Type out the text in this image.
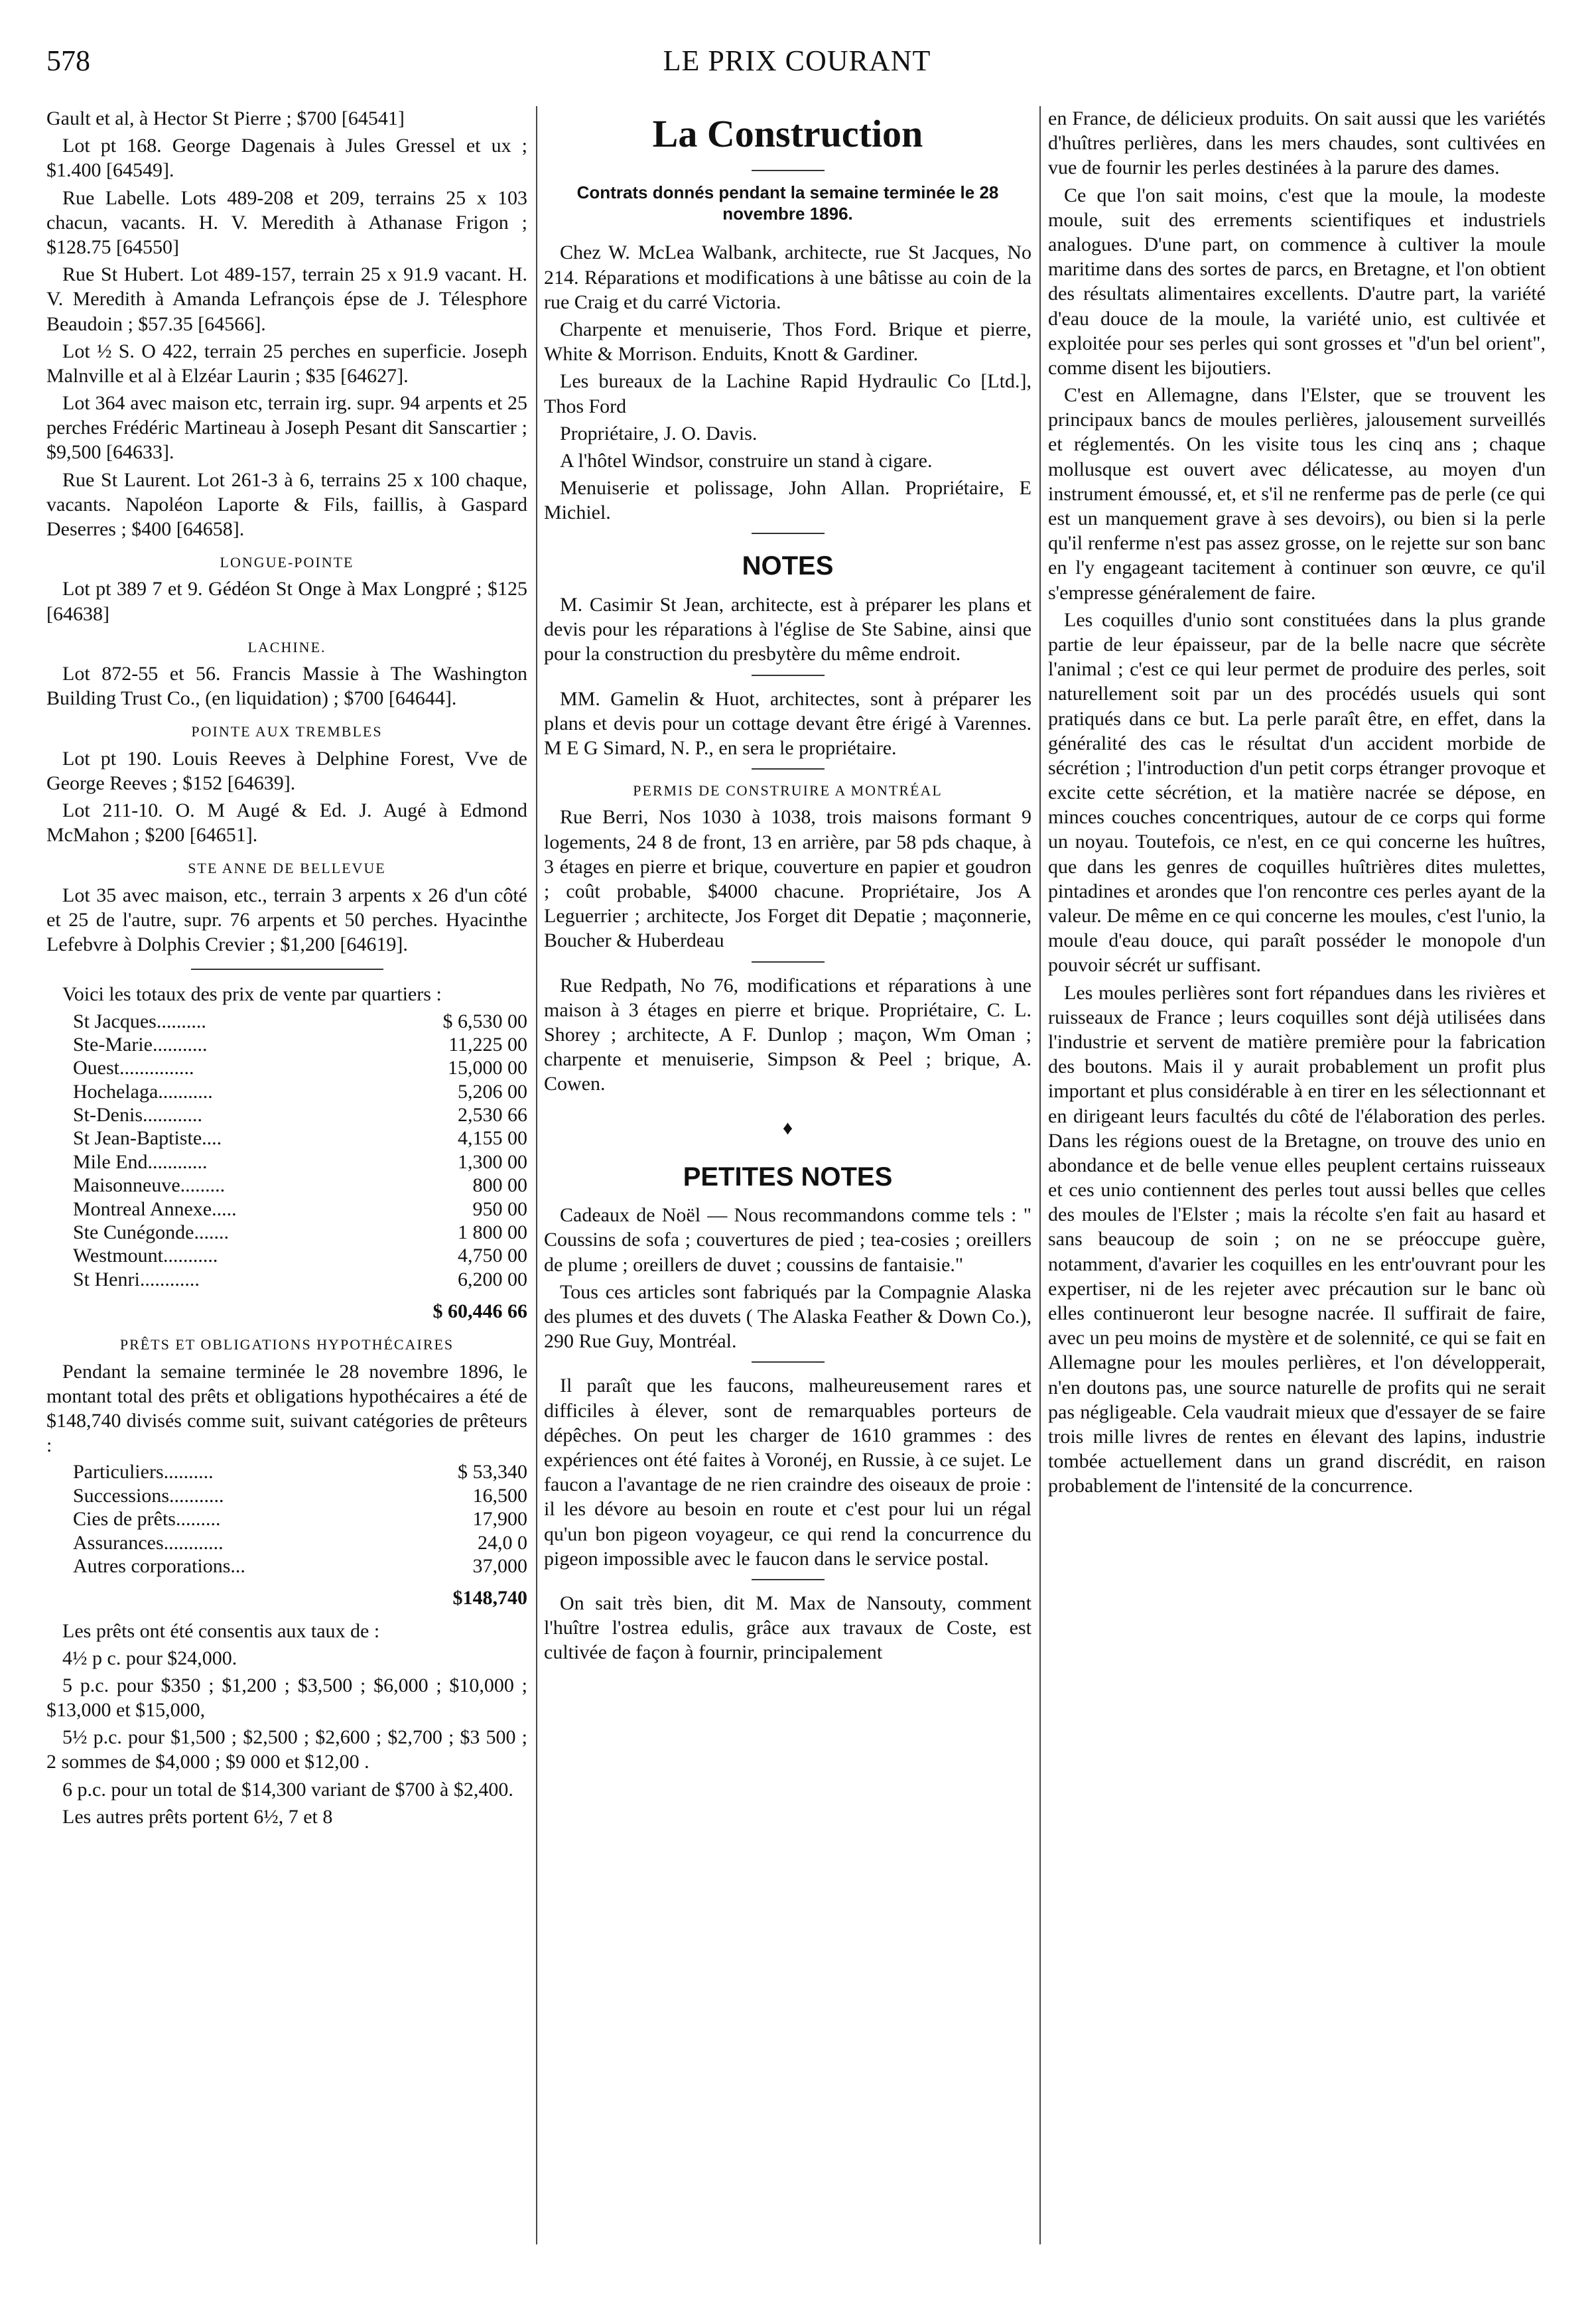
578	LE PRIX COURANT

Gault et al, à Hector St Pierre ; $700 [64541]

Lot pt 168. George Dagenais à Jules Gressel et ux ; $1.400 [64549].

Rue Labelle. Lots 489-208 et 209, terrains 25 x 103 chacun, vacants. H. V. Meredith à Athanase Frigon ; $128.75 [64550]

Rue St Hubert. Lot 489-157, terrain 25 x 91.9 vacant. H. V. Meredith à Amanda Lefrançois épse de J. Télesphore Beaudoin ; $57.35 [64566].

Lot ½ S. O 422, terrain 25 perches en superficie. Joseph Malnville et al à Elzéar Laurin ; $35 [64627].

Lot 364 avec maison etc, terrain irg. supr. 94 arpents et 25 perches Frédéric Martineau à Joseph Pesant dit Sanscartier ; $9,500 [64633].

Rue St Laurent. Lot 261-3 à 6, terrains 25 x 100 chaque, vacants. Napoléon Laporte & Fils, faillis, à Gaspard Deserres ; $400 [64658].

LONGUE-POINTE

Lot pt 389 7 et 9. Gédéon St Onge à Max Longpré ; $125 [64638]

LACHINE.

Lot 872-55 et 56. Francis Massie à The Washington Building Trust Co., (en liquidation) ; $700 [64644].

POINTE AUX TREMBLES

Lot pt 190. Louis Reeves à Delphine Forest, Vve de George Reeves ; $152 [64639].

Lot 211-10. O. M Augé & Ed. J. Augé à Edmond McMahon ; $200 [64651].

STE ANNE DE BELLEVUE

Lot 35 avec maison, etc., terrain 3 arpents x 26 d'un côté et 25 de l'autre, supr. 76 arpents et 50 perches. Hyacinthe Lefebvre à Dolphis Crevier ; $1,200 [64619].

Voici les totaux des prix de vente par quartiers :

St Jacques..........	$ 6,530 00
Ste-Marie...........	11,225 00
Ouest...............	15,000 00
Hochelaga...........	5,206 00
St-Denis............	2,530 66
St Jean-Baptiste....	4,155 00
Mile End............	1,300 00
Maisonneuve.........	800 00
Montreal Annexe.....	950 00
Ste Cunégonde.......	1 800 00
Westmount...........	4,750 00
St Henri............	6,200 00
$ 60,446 66
PRÊTS ET OBLIGATIONS HYPOTHÉCAIRES

Pendant la semaine terminée le 28 novembre 1896, le montant total des prêts et obligations hypothécaires a été de $148,740 divisés comme suit, suivant catégories de prêteurs :

Particuliers..........	$ 53,340
Successions...........	16,500
Cies de prêts.........	17,900
Assurances............	24,0 0
Autres corporations...	37,000
$148,740

Les prêts ont été consentis aux taux de :

4½ p c. pour $24,000.

5 p.c. pour $350 ; $1,200 ; $3,500 ; $6,000 ; $10,000 ; $13,000 et $15,000,

5½ p.c. pour $1,500 ; $2,500 ; $2,600 ; $2,700 ; $3 500 ; 2 sommes de $4,000 ; $9 000 et $12,00 .

6 p.c. pour un total de $14,300 variant de $700 à $2,400.

Les autres prêts portent 6½, 7 et 8

La Construction
Contrats donnés pendant la semaine terminée le 28 novembre 1896.

Chez W. McLea Walbank, architecte, rue St Jacques, No 214. Réparations et modifications à une bâtisse au coin de la rue Craig et du carré Victoria.

Charpente et menuiserie, Thos Ford. Brique et pierre, White & Morrison. Enduits, Knott & Gardiner.

Les bureaux de la Lachine Rapid Hydraulic Co [Ltd.], Thos Ford

Propriétaire, J. O. Davis.

A l'hôtel Windsor, construire un stand à cigare.

Menuiserie et polissage, John Allan. Propriétaire, E Michiel.

NOTES

M. Casimir St Jean, architecte, est à préparer les plans et devis pour les réparations à l'église de Ste Sabine, ainsi que pour la construction du presbytère du même endroit.

MM. Gamelin & Huot, architectes, sont à préparer les plans et devis pour un cottage devant être érigé à Varennes. M E G Simard, N. P., en sera le propriétaire.

PERMIS DE CONSTRUIRE A MONTRÉAL

Rue Berri, Nos 1030 à 1038, trois maisons formant 9 logements, 24 8 de front, 13 en arrière, par 58 pds chaque, à 3 étages en pierre et brique, couverture en papier et goudron ; coût probable, $4000 chacune. Propriétaire, Jos A Leguerrier ; architecte, Jos Forget dit Depatie ; maçonnerie, Boucher & Huberdeau

Rue Redpath, No 76, modifications et réparations à une maison à 3 étages en pierre et brique. Propriétaire, C. L. Shorey ; architecte, A F. Dunlop ; maçon, Wm Oman ; charpente et menuiserie, Simpson & Peel ; brique, A. Cowen.

♦
PETITES NOTES

Cadeaux de Noël — Nous recommandons comme tels : " Coussins de sofa ; couvertures de pied ; tea-cosies ; oreillers de plume ; oreillers de duvet ; coussins de fantaisie."

Tous ces articles sont fabriqués par la Compagnie Alaska des plumes et des duvets ( The Alaska Feather & Down Co.), 290 Rue Guy, Montréal.

Il paraît que les faucons, malheureusement rares et difficiles à élever, sont de remarquables porteurs de dépêches. On peut les charger de 1610 grammes : des expériences ont été faites à Voronéj, en Russie, à ce sujet. Le faucon a l'avantage de ne rien craindre des oiseaux de proie : il les dévore au besoin en route et c'est pour lui un régal qu'un bon pigeon voyageur, ce qui rend la concurrence du pigeon impossible avec le faucon dans le service postal.

On sait très bien, dit M. Max de Nansouty, comment l'huître l'ostrea edulis, grâce aux travaux de Coste, est cultivée de façon à fournir, principalement

en France, de délicieux produits. On sait aussi que les variétés d'huîtres perlières, dans les mers chaudes, sont cultivées en vue de fournir les perles destinées à la parure des dames.

Ce que l'on sait moins, c'est que la moule, la modeste moule, suit des errements scientifiques et industriels analogues. D'une part, on commence à cultiver la moule maritime dans des sortes de parcs, en Bretagne, et l'on obtient des résultats alimentaires excellents. D'autre part, la variété d'eau douce de la moule, la variété unio, est cultivée et exploitée pour ses perles qui sont grosses et "d'un bel orient", comme disent les bijoutiers.

C'est en Allemagne, dans l'Elster, que se trouvent les principaux bancs de moules perlières, jalousement surveillés et réglementés. On les visite tous les cinq ans ; chaque mollusque est ouvert avec délicatesse, au moyen d'un instrument émoussé, et, et s'il ne renferme pas de perle (ce qui est un manquement grave à ses devoirs), ou bien si la perle qu'il renferme n'est pas assez grosse, on le rejette sur son banc en l'y engageant tacitement à continuer son œuvre, ce qu'il s'empresse généralement de faire.

Les coquilles d'unio sont constituées dans la plus grande partie de leur épaisseur, par de la belle nacre que sécrète l'animal ; c'est ce qui leur permet de produire des perles, soit naturellement soit par un des procédés usuels qui sont pratiqués dans ce but. La perle paraît être, en effet, dans la généralité des cas le résultat d'un accident morbide de sécrétion ; l'introduction d'un petit corps étranger provoque et excite cette sécrétion, et la matière nacrée se dépose, en minces couches concentriques, autour de ce corps qui forme un noyau. Toutefois, ce n'est, en ce qui concerne les huîtres, que dans les genres de coquilles huîtrières dites mulettes, pintadines et arondes que l'on rencontre ces perles ayant de la valeur. De même en ce qui concerne les moules, c'est l'unio, la moule d'eau douce, qui paraît posséder le monopole d'un pouvoir sécrét ur suffisant.

Les moules perlières sont fort répandues dans les rivières et ruisseaux de France ; leurs coquilles sont déjà utilisées dans l'industrie et servent de matière première pour la fabrication des boutons. Mais il y aurait probablement un profit plus important et plus considérable à en tirer en les sélectionnant et en dirigeant leurs facultés du côté de l'élaboration des perles. Dans les régions ouest de la Bretagne, on trouve des unio en abondance et de belle venue elles peuplent certains ruisseaux et ces unio contiennent des perles tout aussi belles que celles des moules de l'Elster ; mais la récolte s'en fait au hasard et sans beaucoup de soin ; on ne se préoccupe guère, notamment, d'avarier les coquilles en les entr'ouvrant pour les expertiser, ni de les rejeter avec précaution sur le banc où elles continueront leur besogne nacrée. Il suffirait de faire, avec un peu moins de mystère et de solennité, ce qui se fait en Allemagne pour les moules perlières, et l'on développerait, n'en doutons pas, une source naturelle de profits qui ne serait pas négligeable. Cela vaudrait mieux que d'essayer de se faire trois mille livres de rentes en élevant des lapins, industrie tombée actuellement dans un grand discrédit, en raison probablement de l'intensité de la concurrence.
